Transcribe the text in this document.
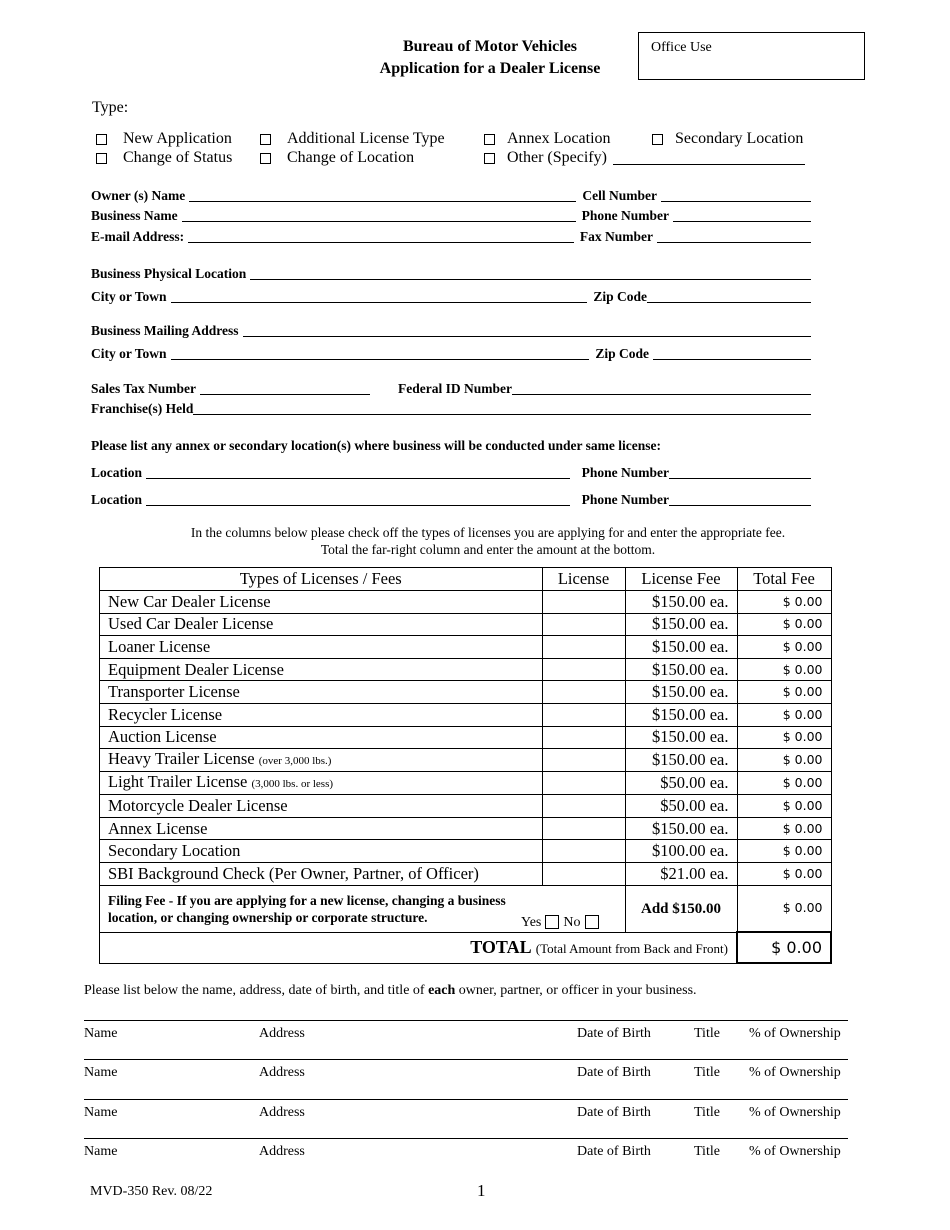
Bureau of Motor Vehicles
Application for a Dealer License
Office Use
Type:
New Application	Additional License Type	Annex Location	Secondary Location
Change of Status	Change of Location	Other (Specify)
Owner (s) Name	Cell Number
Business Name	Phone Number
E-mail Address:	Fax Number
Business Physical Location
City or Town	Zip Code
Business Mailing Address
City or Town	Zip Code
Sales Tax Number	Federal ID Number
Franchise(s) Held
Please list any annex or secondary location(s) where business will be conducted under same license:
Location	Phone Number
Location	Phone Number
In the columns below please check off the types of licenses you are applying for and enter the appropriate fee.
Total the far-right column and enter the amount at the bottom.
Types of Licenses / Fees	License	License Fee	Total Fee
New Car Dealer License		$150.00 ea.	$ 0.00
Used Car Dealer License		$150.00 ea.	$ 0.00
Loaner License		$150.00 ea.	$ 0.00
Equipment Dealer License		$150.00 ea.	$ 0.00
Transporter License		$150.00 ea.	$ 0.00
Recycler License		$150.00 ea.	$ 0.00
Auction License		$150.00 ea.	$ 0.00
Heavy Trailer License (over 3,000 lbs.)		$150.00 ea.	$ 0.00
Light Trailer License (3,000 lbs. or less)		$50.00 ea.	$ 0.00
Motorcycle Dealer License		$50.00 ea.	$ 0.00
Annex License		$150.00 ea.	$ 0.00
Secondary Location		$100.00 ea.	$ 0.00
SBI Background Check (Per Owner, Partner, of Officer)		$21.00 ea.	$ 0.00

Filing Fee - If you are applying for a new license, changing a business
location, or changing ownership or corporate structure. Yes No		Add $150.00	$ 0.00
TOTAL (Total Amount from Back and Front)			$ 0.00
Please list below the name, address, date of birth, and title of each owner, partner, or officer in your business.
Name	Address	Date of Birth	Title % of Ownership
Name	Address	Date of Birth	Title % of Ownership
Name	Address	Date of Birth	Title % of Ownership
Name	Address	Date of Birth	Title % of Ownership
MVD-350 Rev. 08/22	1
